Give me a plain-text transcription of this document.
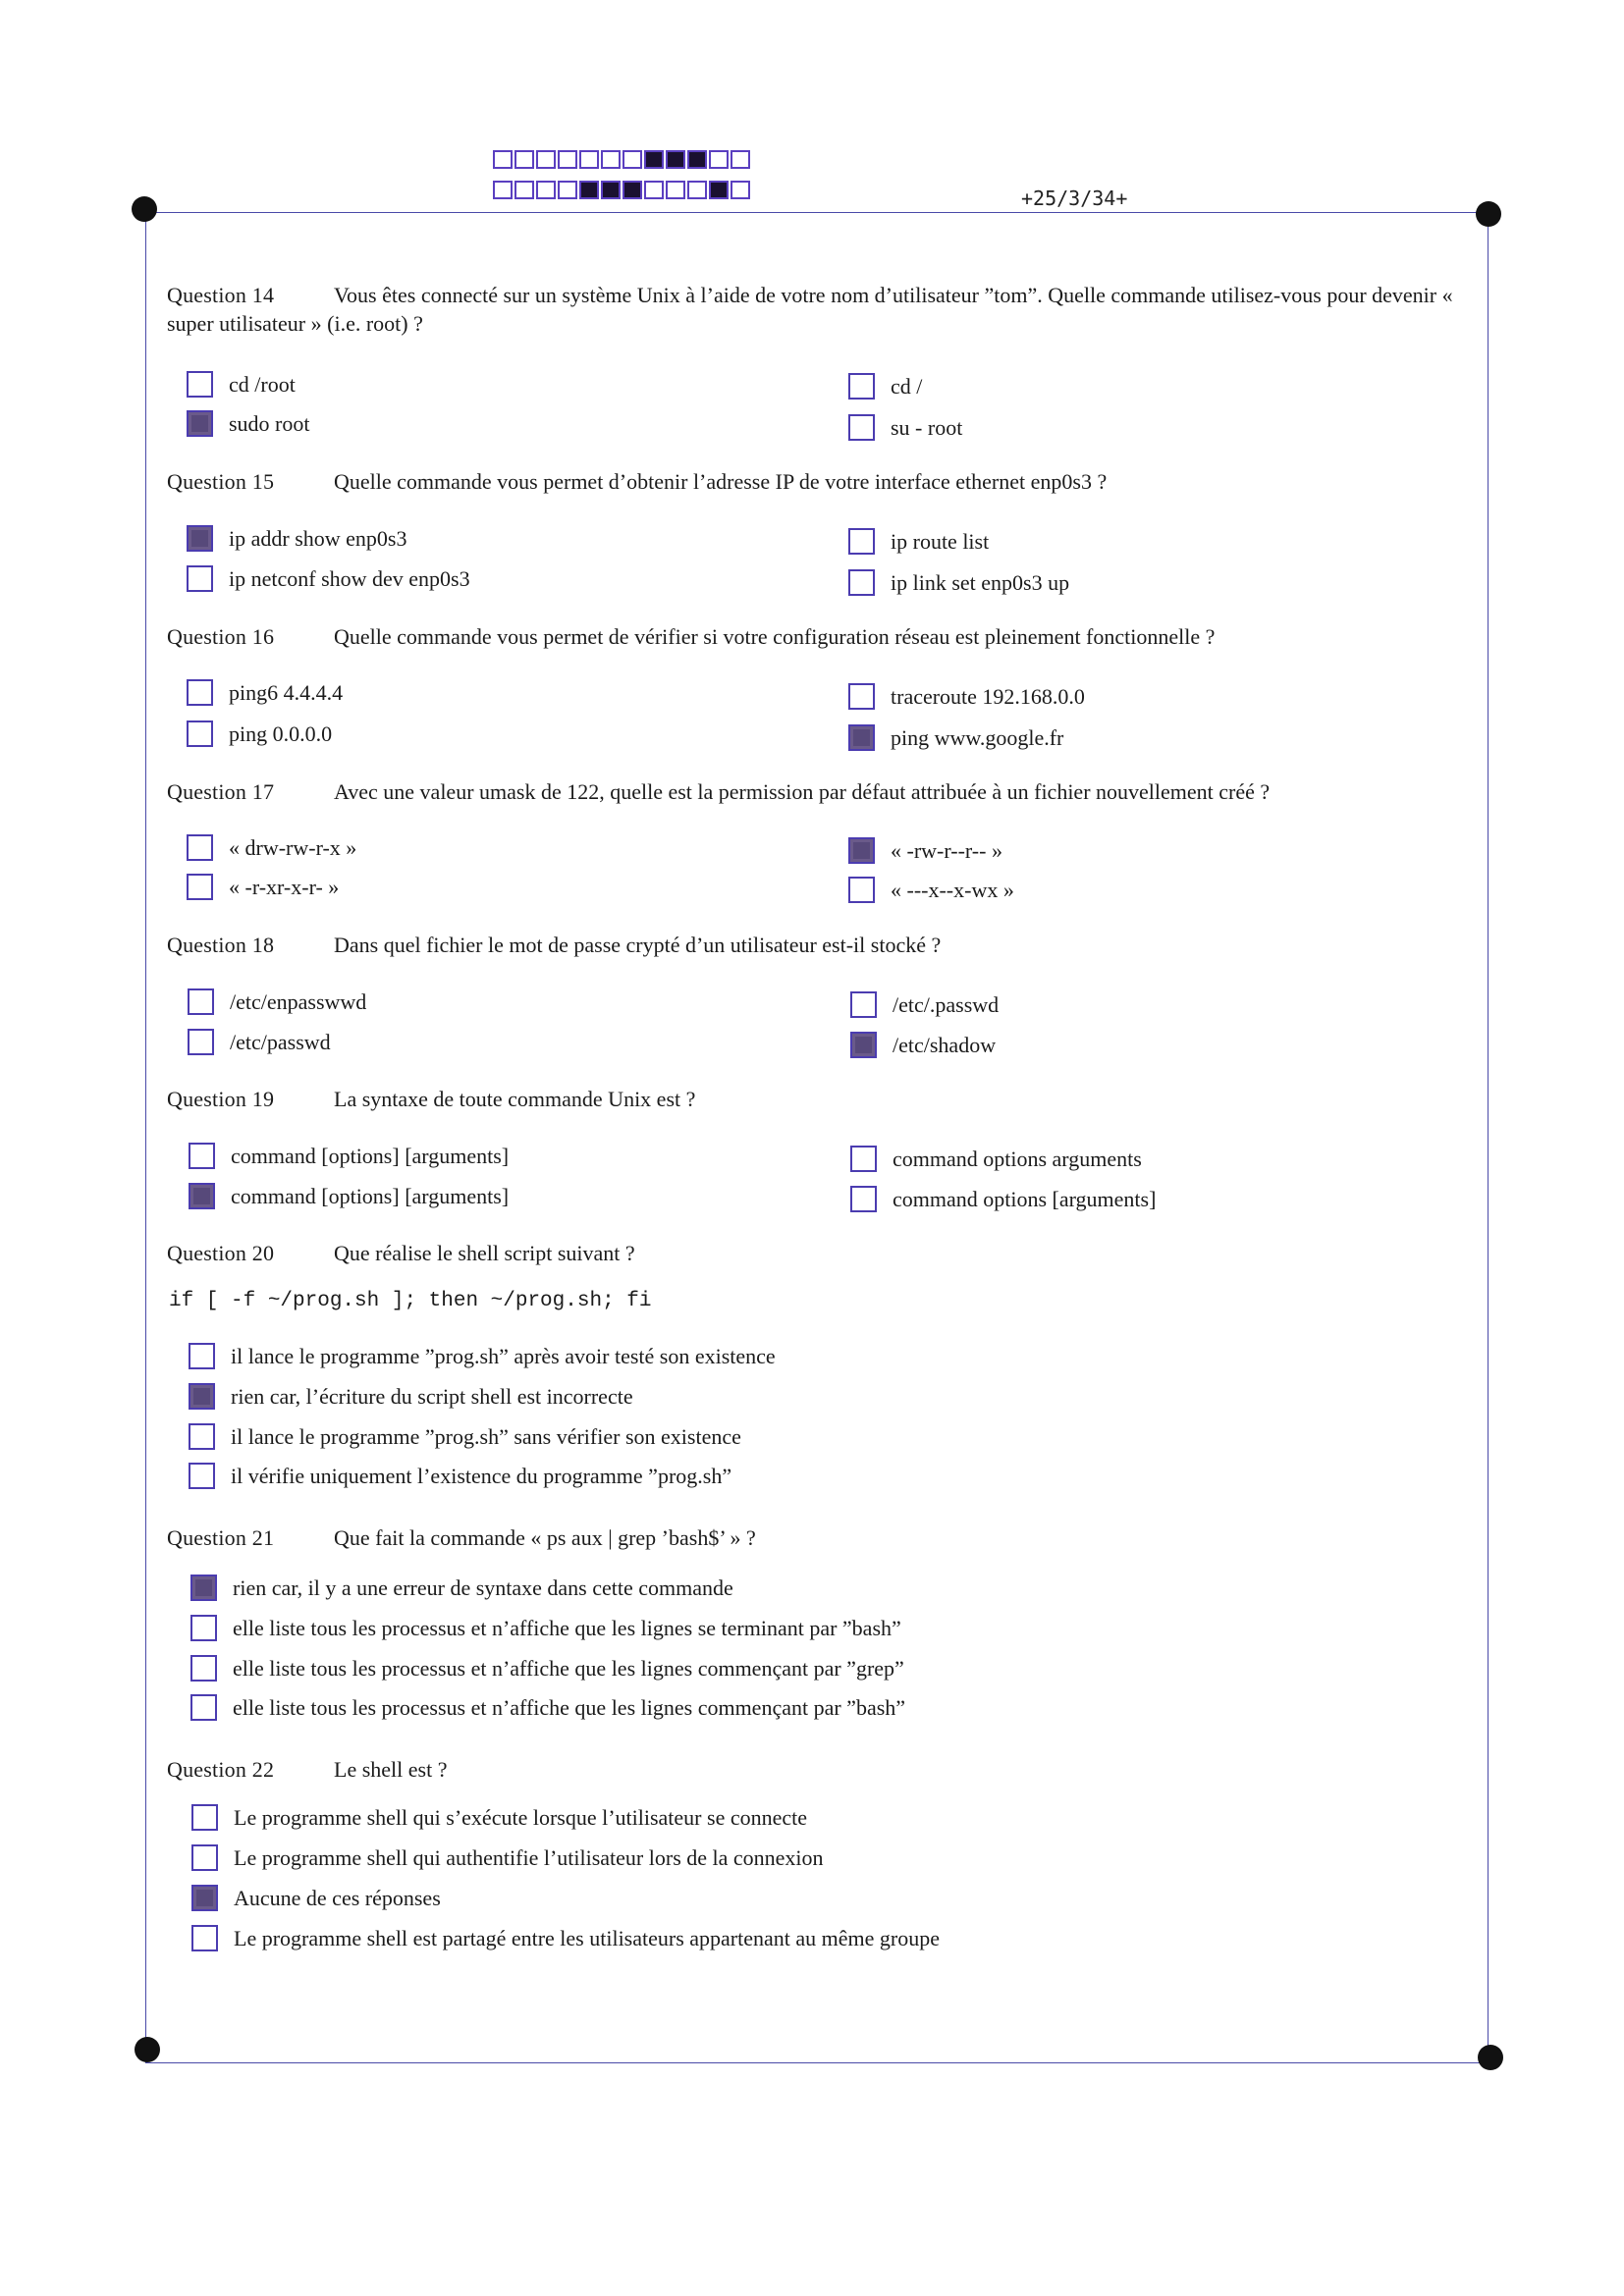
+25/3/34+
Question 14	Vous êtes connecté sur un système Unix à l’aide de votre nom d’utilisateur ”tom”. Quelle commande utilisez-vous pour devenir « super utilisateur » (i.e. root) ?
cd /root	cd /
sudo root	su - root
Question 15	Quelle commande vous permet d’obtenir l’adresse IP de votre interface ethernet enp0s3 ?
ip addr show enp0s3	ip route list
ip netconf show dev enp0s3	ip link set enp0s3 up
Question 16	Quelle commande vous permet de vérifier si votre configuration réseau est pleinement fonctionnelle ?
ping6 4.4.4.4	traceroute 192.168.0.0
ping 0.0.0.0	ping www.google.fr
Question 17	Avec une valeur umask de 122, quelle est la permission par défaut attribuée à un fichier nouvellement créé ?
« drw-rw-r-x »	« -rw-r--r-- »
« -r-xr-x-r- »	« ---x--x-wx »
Question 18	Dans quel fichier le mot de passe crypté d’un utilisateur est-il stocké ?
/etc/enpasswwd	/etc/.passwd
/etc/passwd	/etc/shadow
Question 19	La syntaxe de toute commande Unix est ?
command [options] [arguments]	command options arguments
command [options] [arguments]	command options [arguments]
Question 20	Que réalise le shell script suivant ?
if [ -f ~/prog.sh ]; then ~/prog.sh; fi
il lance le programme ”prog.sh” après avoir testé son existence
rien car, l’écriture du script shell est incorrecte
il lance le programme ”prog.sh” sans vérifier son existence
il vérifie uniquement l’existence du programme ”prog.sh”
Question 21	Que fait la commande « ps aux | grep ’bash$’ » ?
rien car, il y a une erreur de syntaxe dans cette commande
elle liste tous les processus et n’affiche que les lignes se terminant par ”bash”
elle liste tous les processus et n’affiche que les lignes commençant par ”grep”
elle liste tous les processus et n’affiche que les lignes commençant par ”bash”
Question 22	Le shell est ?
Le programme shell qui s’exécute lorsque l’utilisateur se connecte
Le programme shell qui authentifie l’utilisateur lors de la connexion
Aucune de ces réponses
Le programme shell est partagé entre les utilisateurs appartenant au même groupe
